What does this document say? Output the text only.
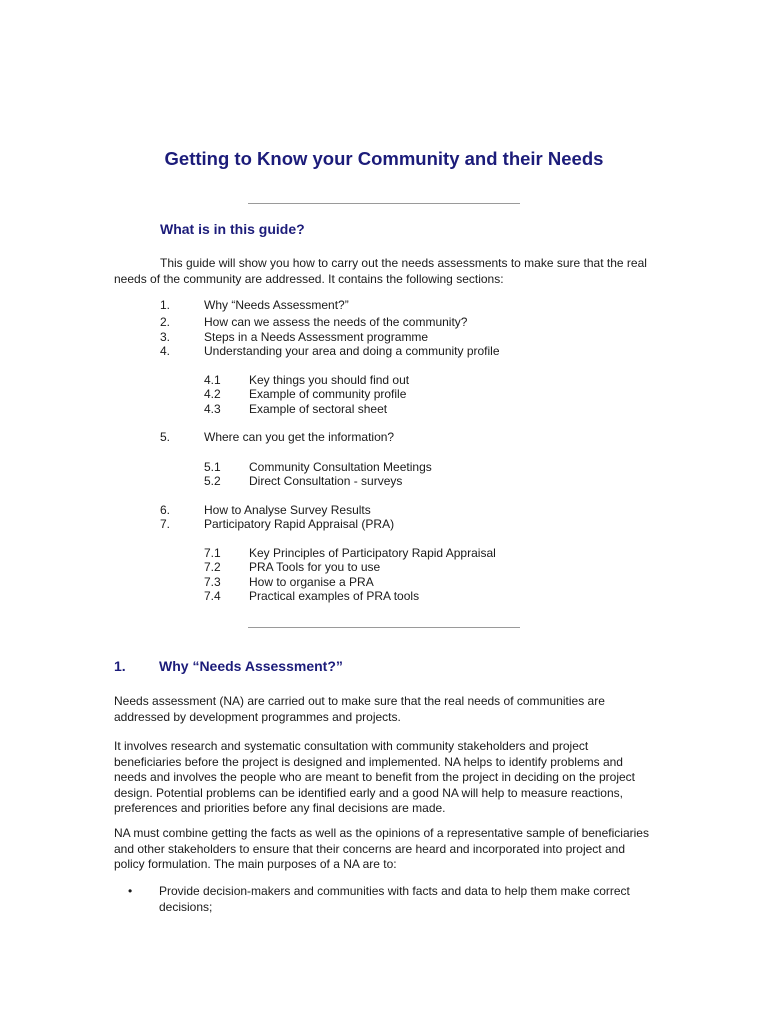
Getting to Know your Community and their Needs
What is in this guide?

This guide will show you how to carry out the needs assessments to make sure that the real needs of the community are addressed. It contains the following sections:

1.	Why “Needs Assessment?”
2.	How can we assess the needs of the community?
3.	Steps in a Needs Assessment programme
4.	Understanding your area and doing a community profile
4.1 Key things you should find out
4.2 Example of community profile
4.3 Example of sectoral sheet
5.	Where can you get the information?
5.1 Community Consultation Meetings
5.2 Direct Consultation - surveys
6.	How to Analyse Survey Results
7.	Participatory Rapid Appraisal (PRA)
7.1 Key Principles of Participatory Rapid Appraisal
7.2 PRA Tools for you to use
7.3 How to organise a PRA
7.4 Practical examples of PRA tools
1. Why “Needs Assessment?”

Needs assessment (NA) are carried out to make sure that the real needs of communities are addressed by development programmes and projects.

It involves research and systematic consultation with community stakeholders and project beneficiaries before the project is designed and implemented. NA helps to identify problems and needs and involves the people who are meant to benefit from the project in deciding on the project design. Potential problems can be identified early and a good NA will help to measure reactions, preferences and priorities before any final decisions are made.

NA must combine getting the facts as well as the opinions of a representative sample of beneficiaries and other stakeholders to ensure that their concerns are heard and incorporated into project and policy formulation. The main purposes of a NA are to:

• Provide decision-makers and communities with facts and data to help them make correct decisions;
